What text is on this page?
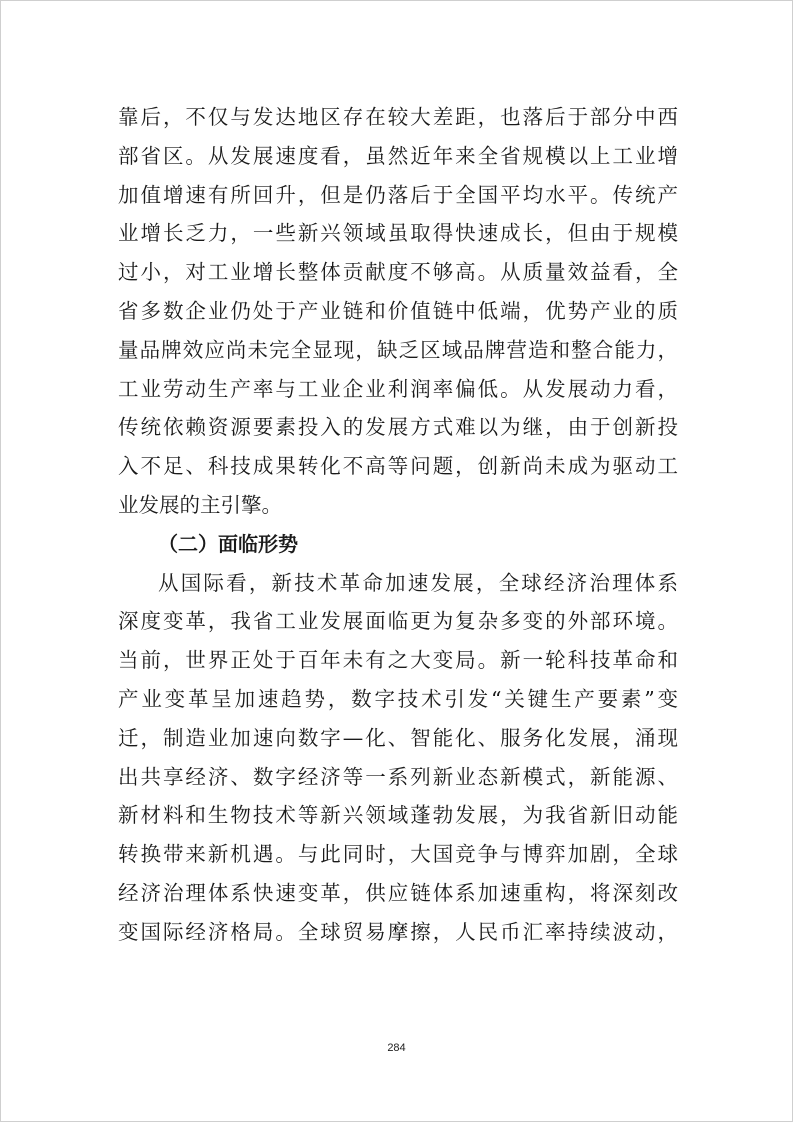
靠后，不仅与发达地区存在较大差距，也落后于部分中西
部省区。从发展速度看，虽然近年来全省规模以上工业增
加值增速有所回升，但是仍落后于全国平均水平。传统产
业增长乏力，一些新兴领域虽取得快速成长，但由于规模
过小，对工业增长整体贡献度不够高。从质量效益看，全
省多数企业仍处于产业链和价值链中低端，优势产业的质
量品牌效应尚未完全显现，缺乏区域品牌营造和整合能力，
工业劳动生产率与工业企业利润率偏低。从发展动力看，
传统依赖资源要素投入的发展方式难以为继，由于创新投
入不足、科技成果转化不高等问题，创新尚未成为驱动工
业发展的主引擎。
（二）面临形势
从国际看，新技术革命加速发展，全球经济治理体系
深度变革，我省工业发展面临更为复杂多变的外部环境。
当前，世界正处于百年未有之大变局。新一轮科技革命和
产业变革呈加速趋势，数字技术引发“关键生产要素”变
迁，制造业加速向数字—化、智能化、服务化发展，涌现
出共享经济、数字经济等一系列新业态新模式，新能源、
新材料和生物技术等新兴领域蓬勃发展，为我省新旧动能
转换带来新机遇。与此同时，大国竞争与博弈加剧，全球
经济治理体系快速变革，供应链体系加速重构，将深刻改
变国际经济格局。全球贸易摩擦，人民币汇率持续波动，
284
